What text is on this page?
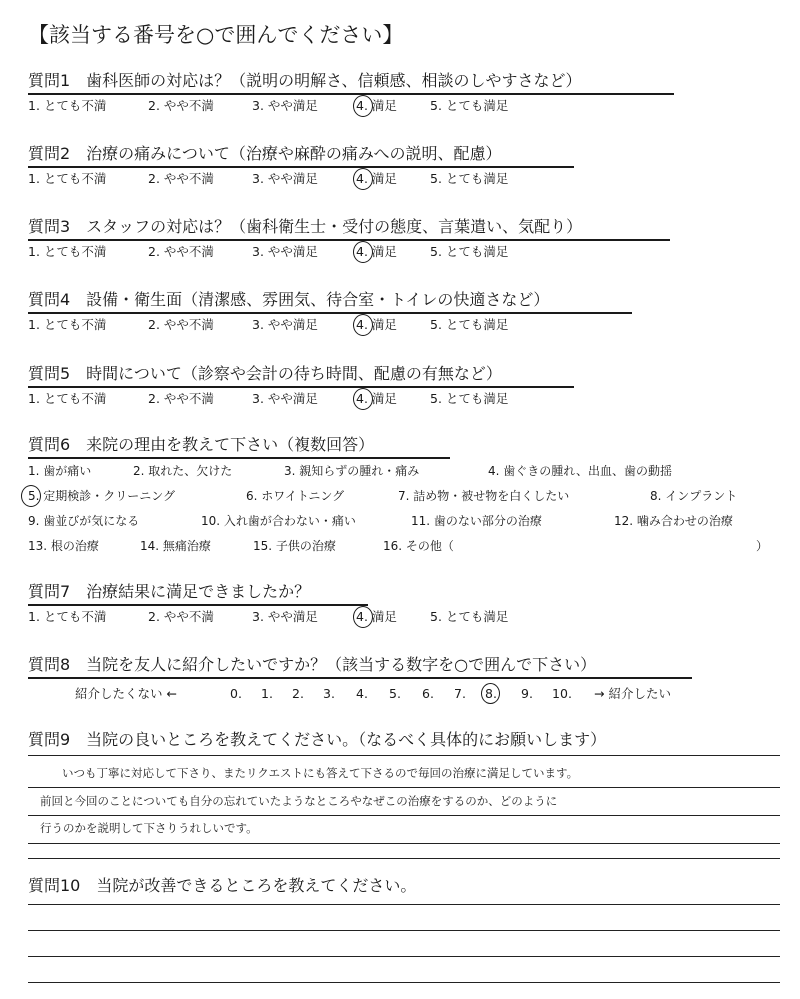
【該当する番号を○で囲んでください】
質問1　歯科医師の対応は？（説明の明解さ、信頼感、相談のしやすさなど）
1. とても不満	2. やや不満	3. やや満足	4. 満足	5. とても満足
質問2　治療の痛みについて（治療や麻酔の痛みへの説明、配慮）
1. とても不満	2. やや不満	3. やや満足	4. 満足	5. とても満足
質問3　スタッフの対応は？（歯科衛生士・受付の態度、言葉遣い、気配り）
1. とても不満	2. やや不満	3. やや満足	4. 満足	5. とても満足
質問4　設備・衛生面（清潔感、雰囲気、待合室・トイレの快適さなど）
1. とても不満	2. やや不満	3. やや満足	4. 満足	5. とても満足
質問5　時間について（診察や会計の待ち時間、配慮の有無など）
1. とても不満	2. やや不満	3. やや満足	4. 満足	5. とても満足
質問6　来院の理由を教えて下さい（複数回答）
1. 歯が痛い	2. 取れた、欠けた	3. 親知らずの腫れ・痛み	4. 歯ぐきの腫れ、出血、歯の動揺
5. 定期検診・クリーニング	6. ホワイトニング	7. 詰め物・被せ物を白くしたい	8. インプラント
9. 歯並びが気になる	10. 入れ歯が合わない・痛い	11. 歯のない部分の治療	12. 噛み合わせの治療
13. 根の治療	14. 無痛治療	15. 子供の治療	16. その他（	）
質問7　治療結果に満足できましたか？
1. とても不満	2. やや不満	3. やや満足	4. 満足	5. とても満足
質問8　当院を友人に紹介したいですか？（該当する数字を○で囲んで下さい）
紹介したくない ←	0. 1. 2. 3. 4. 5. 6. 7. 8. 9. 10. → 紹介したい
質問9　当院の良いところを教えてください。（なるべく具体的にお願いします）
いつも丁寧に対応して下さり、またリクエストにも答えて下さるので毎回の治療に満足しています。
前回と今回のことについても自分の忘れていたようなところやなぜこの治療をするのか、どのように
行うのかを説明して下さりうれしいです。
質問10　当院が改善できるところを教えてください。
